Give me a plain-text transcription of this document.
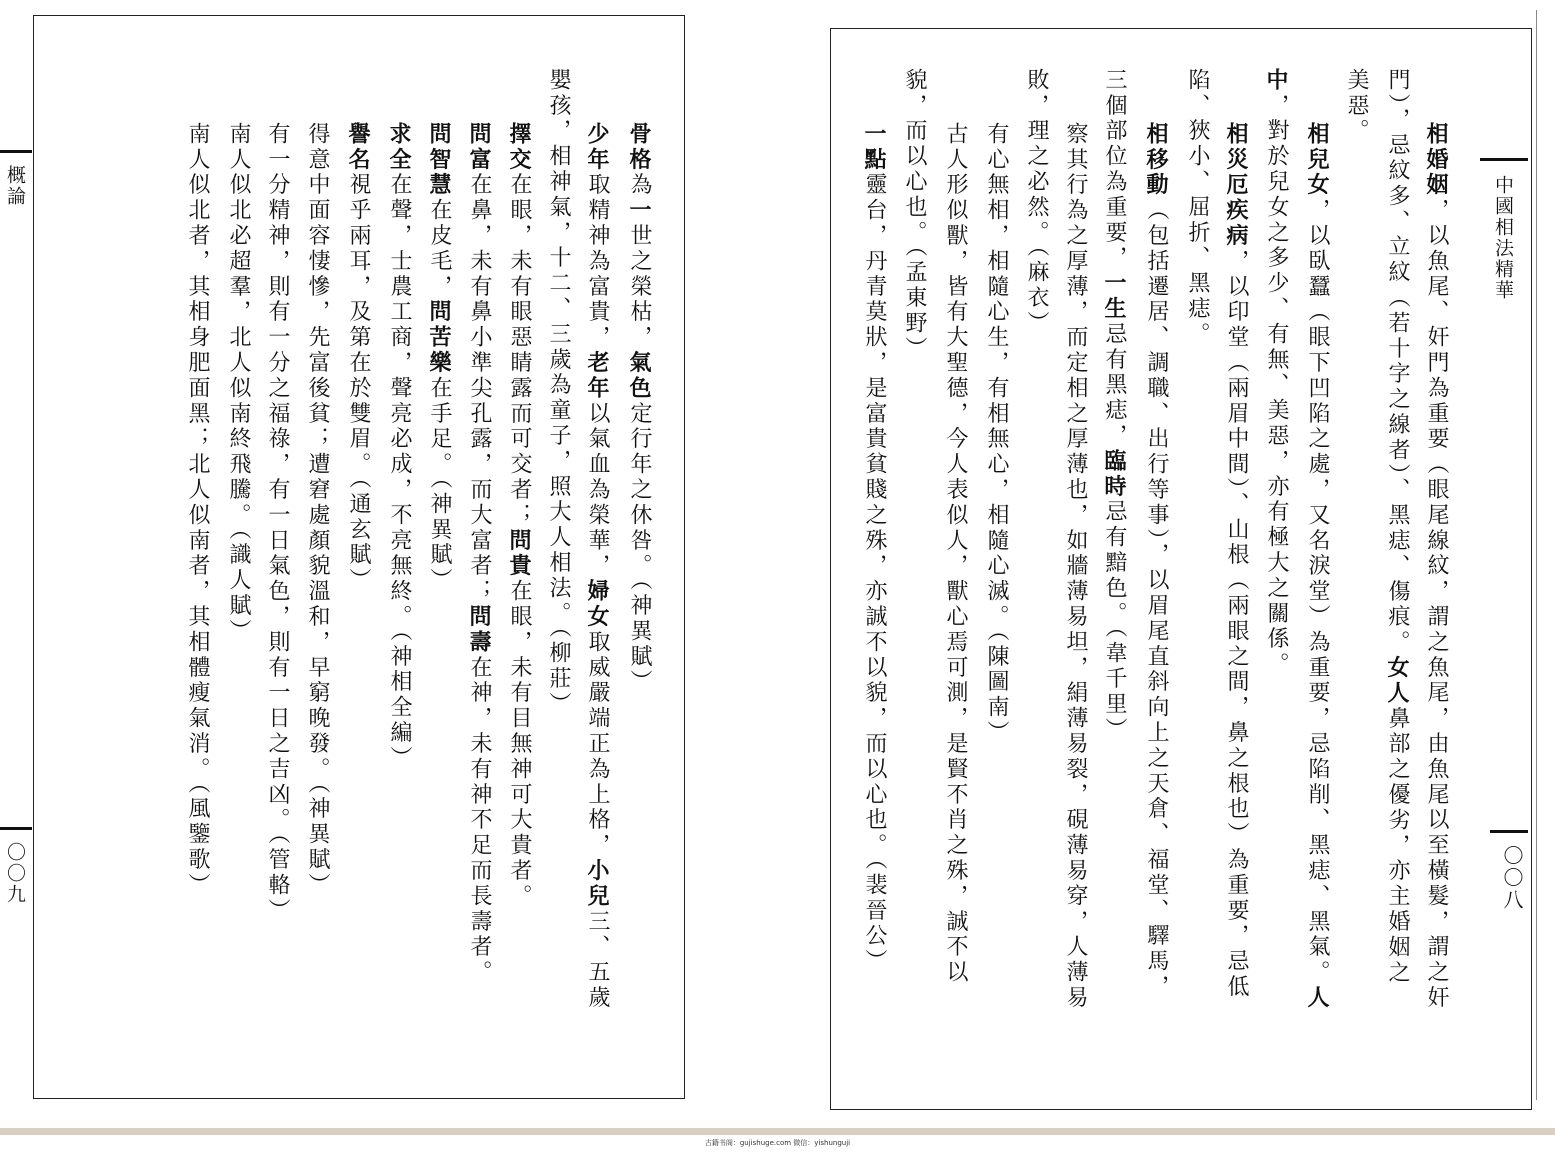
概論
〇〇九
骨格為一世之榮枯，氣色定行年之休咎。（神異賦）
少年取精神為富貴，老年以氣血為榮華，婦女取威嚴端正為上格，小兒三、五歲
嬰孩，相神氣，十二、三歲為童子，照大人相法。（柳莊）
擇交在眼，未有眼惡睛露而可交者；問貴在眼，未有目無神可大貴者。
問富在鼻，未有鼻小準尖孔露，而大富者；問壽在神，未有神不足而長壽者。
問智慧在皮毛，問苦樂在手足。（神異賦）
求全在聲，士農工商，聲亮必成，不亮無終。（神相全編）
譽名視乎兩耳，及第在於雙眉。（通玄賦）
得意中面容悽慘，先富後貧；遭窘處顏貌溫和，早窮晚發。（神異賦）
有一分精神，則有一分之福祿，有一日氣色，則有一日之吉凶。（管輅）
南人似北必超羣，北人似南終飛騰。（識人賦）
南人似北者，其相身肥面黑；北人似南者，其相體瘦氣消。（風鑒歌）	中國相法精華
〇〇八
相婚姻，以魚尾、奸門為重要（眼尾線紋，謂之魚尾，由魚尾以至橫髮，謂之奸
門），忌紋多、立紋（若十字之線者）、黑痣、傷痕。女人鼻部之優劣，亦主婚姻之
美惡。
相兒女，以臥蠶（眼下凹陷之處，又名淚堂）為重要，忌陷削、黑痣、黑氣。人
中，對於兒女之多少、有無、美惡，亦有極大之關係。
相災厄疾病，以印堂（兩眉中間）、山根（兩眼之間，鼻之根也）為重要，忌低
陷、狹小、屈折、黑痣。
相移動（包括遷居、調職、出行等事），以眉尾直斜向上之天倉、福堂、驛馬，
三個部位為重要，一生忌有黑痣，臨時忌有黯色。（韋千里）
察其行為之厚薄，而定相之厚薄也，如牆薄易坦，絹薄易裂，硯薄易穿，人薄易
敗，理之必然。（麻衣）
有心無相，相隨心生，有相無心，相隨心滅。（陳圖南）
古人形似獸，皆有大聖德，今人表似人，獸心焉可測，是賢不肖之殊，誠不以
貌，而以心也。（孟東野）
一點靈台，丹青莫狀，是富貴貧賤之殊，亦誠不以貌，而以心也。（裴晉公）
古籍书阁：gujishuge.com 微信：yishunguji
